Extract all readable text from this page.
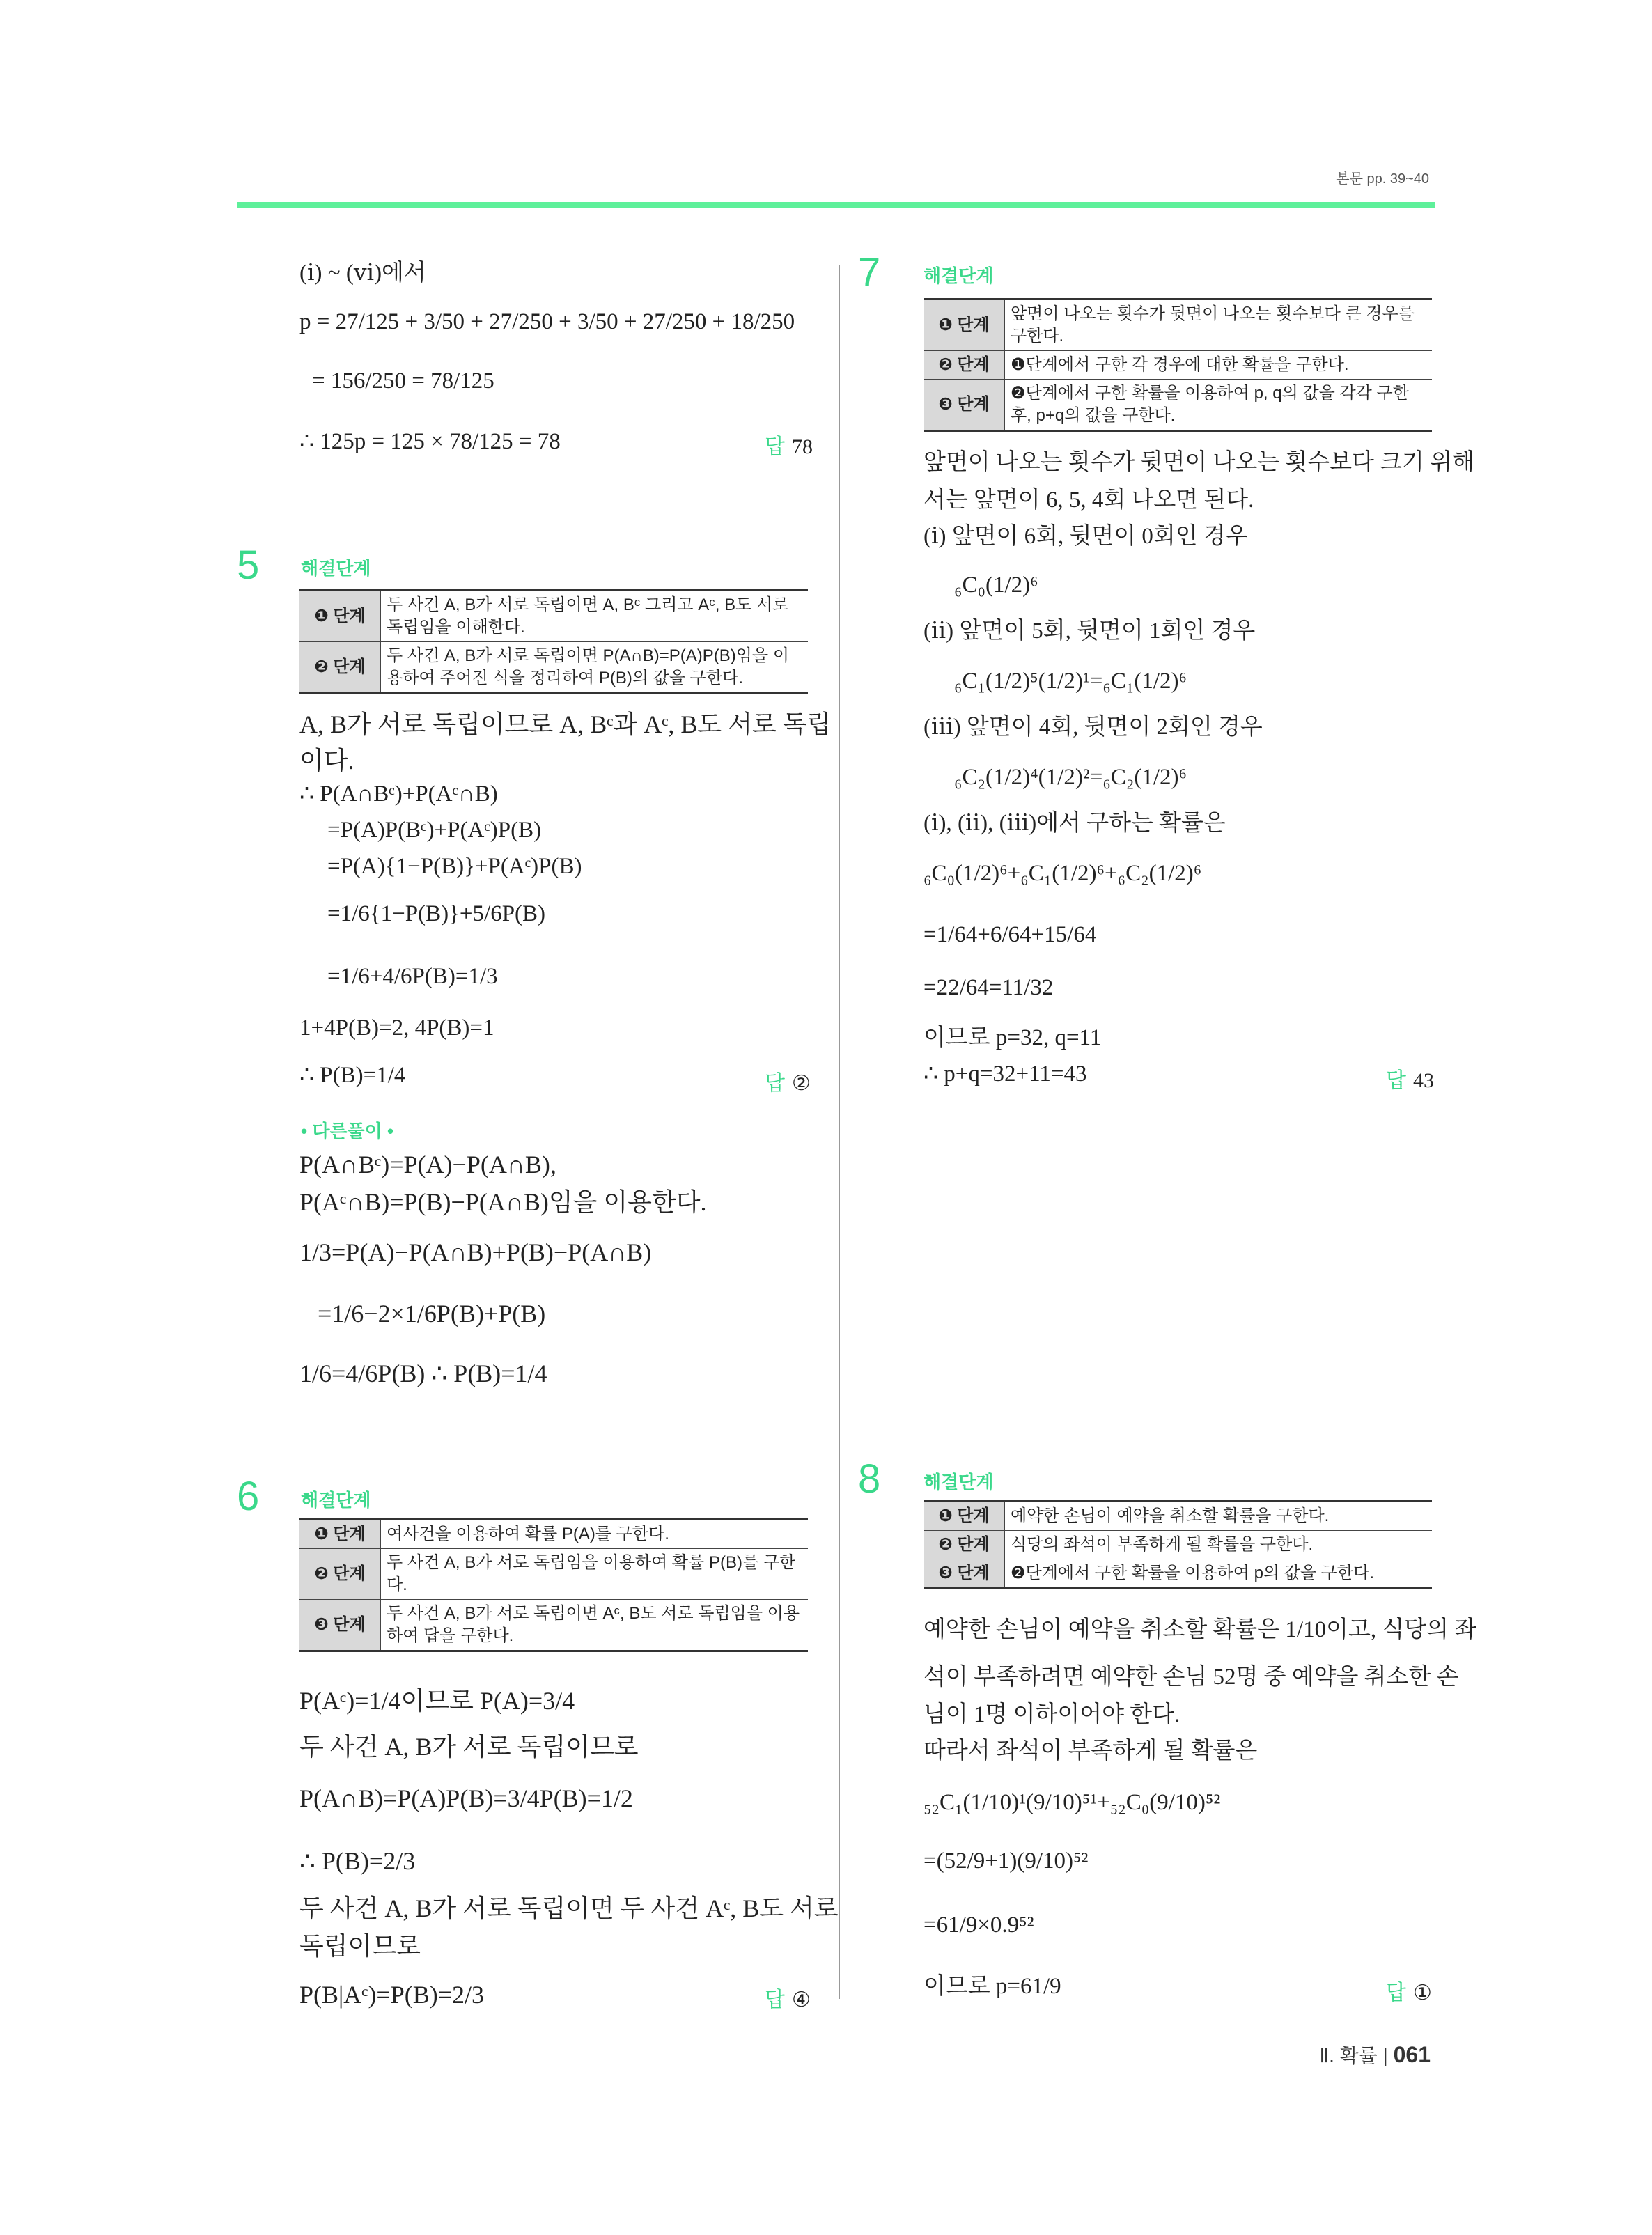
본문 pp. 39~40
(ⅰ) ~ (ⅵ)에서
p = 27/125 + 3/50 + 27/250 + 3/50 + 27/250 + 18/250
= 156/250 = 78/125
∴ 125p = 125 × 78/125 = 78	답 78
5 해결단계
❶ 단계	두 사건 A, B가 서로 독립이면 A, Bᶜ 그리고 Aᶜ, B도 서로 독립임을 이해한다.
❷ 단계	두 사건 A, B가 서로 독립이면 P(A∩B)=P(A)P(B)임을 이용하여 주어진 식을 정리하여 P(B)의 값을 구한다.
A, B가 서로 독립이므로 A, Bᶜ과 Aᶜ, B도 서로 독립
이다.
∴ P(A∩Bᶜ)+P(Aᶜ∩B)
=P(A)P(Bᶜ)+P(Aᶜ)P(B)
=P(A){1−P(B)}+P(Aᶜ)P(B)
=1/6{1−P(B)}+5/6P(B)
=1/6+4/6P(B)=1/3
1+4P(B)=2, 4P(B)=1
∴ P(B)=1/4	답 ②
• 다른풀이 •
P(A∩Bᶜ)=P(A)−P(A∩B),
P(Aᶜ∩B)=P(B)−P(A∩B)임을 이용한다.
1/3=P(A)−P(A∩B)+P(B)−P(A∩B)
=1/6−2×1/6P(B)+P(B)
1/6=4/6P(B) ∴ P(B)=1/4
6 해결단계
❶ 단계	여사건을 이용하여 확률 P(A)를 구한다.
❷ 단계	두 사건 A, B가 서로 독립임을 이용하여 확률 P(B)를 구한다.
❸ 단계	두 사건 A, B가 서로 독립이면 Aᶜ, B도 서로 독립임을 이용하여 답을 구한다.
P(Aᶜ)=1/4이므로 P(A)=3/4
두 사건 A, B가 서로 독립이므로
P(A∩B)=P(A)P(B)=3/4P(B)=1/2
∴ P(B)=2/3
두 사건 A, B가 서로 독립이면 두 사건 Aᶜ, B도 서로
독립이므로
P(B|Aᶜ)=P(B)=2/3	답 ④
7 해결단계
❶ 단계	앞면이 나오는 횟수가 뒷면이 나오는 횟수보다 큰 경우를 구한다.
❷ 단계	❶단계에서 구한 각 경우에 대한 확률을 구한다.
❸ 단계	❷단계에서 구한 확률을 이용하여 p, q의 값을 각각 구한 후, p+q의 값을 구한다.
앞면이 나오는 횟수가 뒷면이 나오는 횟수보다 크기 위해
서는 앞면이 6, 5, 4회 나오면 된다.
(ⅰ) 앞면이 6회, 뒷면이 0회인 경우
₆C₀(1/2)⁶
(ⅱ) 앞면이 5회, 뒷면이 1회인 경우
₆C₁(1/2)⁵(1/2)¹=₆C₁(1/2)⁶
(ⅲ) 앞면이 4회, 뒷면이 2회인 경우
₆C₂(1/2)⁴(1/2)²=₆C₂(1/2)⁶
(ⅰ), (ⅱ), (ⅲ)에서 구하는 확률은
₆C₀(1/2)⁶+₆C₁(1/2)⁶+₆C₂(1/2)⁶
=1/64+6/64+15/64
=22/64=11/32
이므로 p=32, q=11
∴ p+q=32+11=43	답 43
8 해결단계
❶ 단계	예약한 손님이 예약을 취소할 확률을 구한다.
❷ 단계	식당의 좌석이 부족하게 될 확률을 구한다.
❸ 단계	❷단계에서 구한 확률을 이용하여 p의 값을 구한다.
예약한 손님이 예약을 취소할 확률은 1/10이고, 식당의 좌
석이 부족하려면 예약한 손님 52명 중 예약을 취소한 손
님이 1명 이하이어야 한다.
따라서 좌석이 부족하게 될 확률은
₅₂C₁(1/10)¹(9/10)⁵¹+₅₂C₀(9/10)⁵²
=(52/9+1)(9/10)⁵²
=61/9×0.9⁵²
이므로 p=61/9	답 ①
Ⅱ. 확률 | 061
